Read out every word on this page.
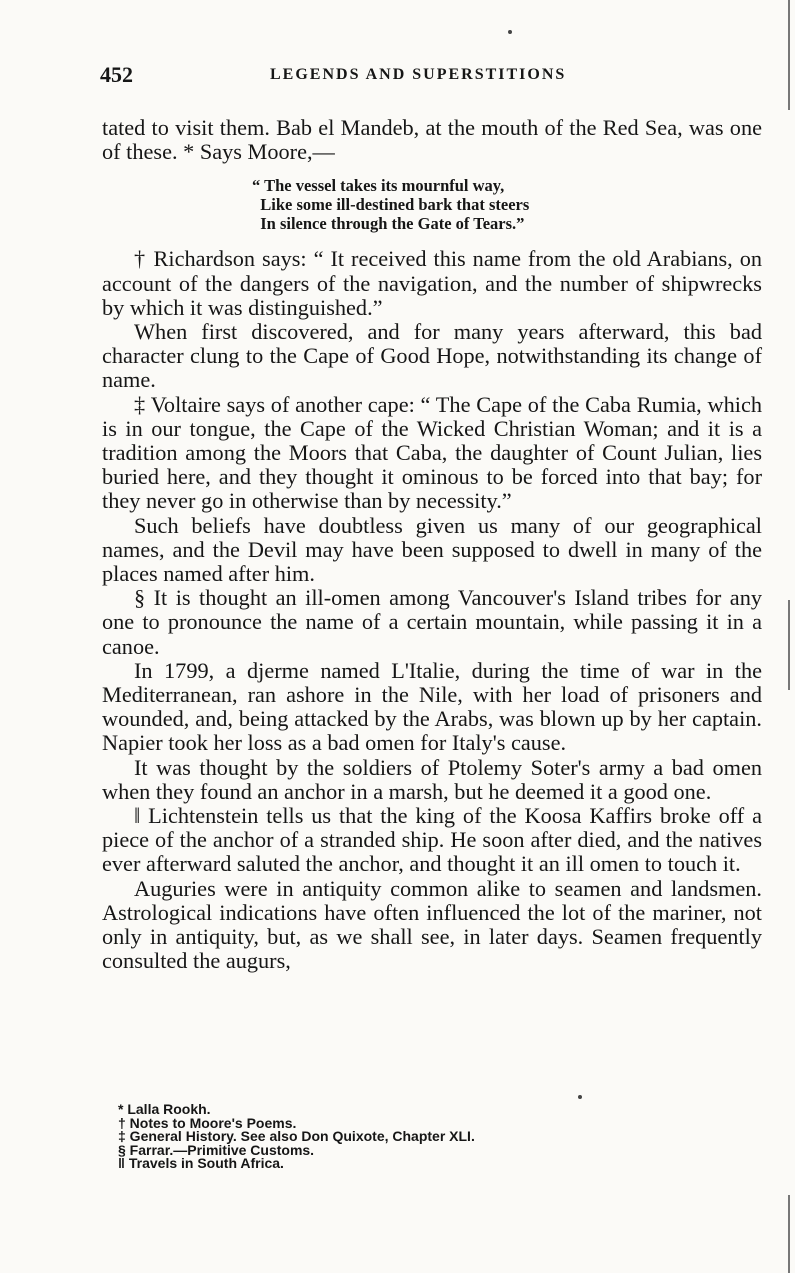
452	LEGENDS AND SUPERSTITIONS

tated to visit them. Bab el Mandeb, at the mouth of the Red Sea, was one of these. * Says Moore,—

“ The vessel takes its mournful way,
Like some ill-destined bark that steers
In silence through the Gate of Tears.”

† Richardson says: “ It received this name from the old Arabians, on account of the dangers of the navigation, and the number of shipwrecks by which it was distinguished.”

When first discovered, and for many years afterward, this bad character clung to the Cape of Good Hope, notwithstanding its change of name.

‡ Voltaire says of another cape: “ The Cape of the Caba Rumia, which is in our tongue, the Cape of the Wicked Christian Woman; and it is a tradition among the Moors that Caba, the daughter of Count Julian, lies buried here, and they thought it ominous to be forced into that bay; for they never go in otherwise than by necessity.”

Such beliefs have doubtless given us many of our geographical names, and the Devil may have been supposed to dwell in many of the places named after him.

§ It is thought an ill-omen among Vancouver's Island tribes for any one to pronounce the name of a certain mountain, while passing it in a canoe.

In 1799, a djerme named L'Italie, during the time of war in the Mediterranean, ran ashore in the Nile, with her load of prisoners and wounded, and, being attacked by the Arabs, was blown up by her captain. Napier took her loss as a bad omen for Italy's cause.

It was thought by the soldiers of Ptolemy Soter's army a bad omen when they found an anchor in a marsh, but he deemed it a good one.

‖ Lichtenstein tells us that the king of the Koosa Kaffirs broke off a piece of the anchor of a stranded ship. He soon after died, and the natives ever afterward saluted the anchor, and thought it an ill omen to touch it.

Auguries were in antiquity common alike to seamen and landsmen. Astrological indications have often influenced the lot of the mariner, not only in antiquity, but, as we shall see, in later days. Seamen frequently consulted the augurs,

* Lalla Rookh.
† Notes to Moore's Poems.
‡ General History. See also Don Quixote, Chapter XLI.
§ Farrar.—Primitive Customs.
‖ Travels in South Africa.
